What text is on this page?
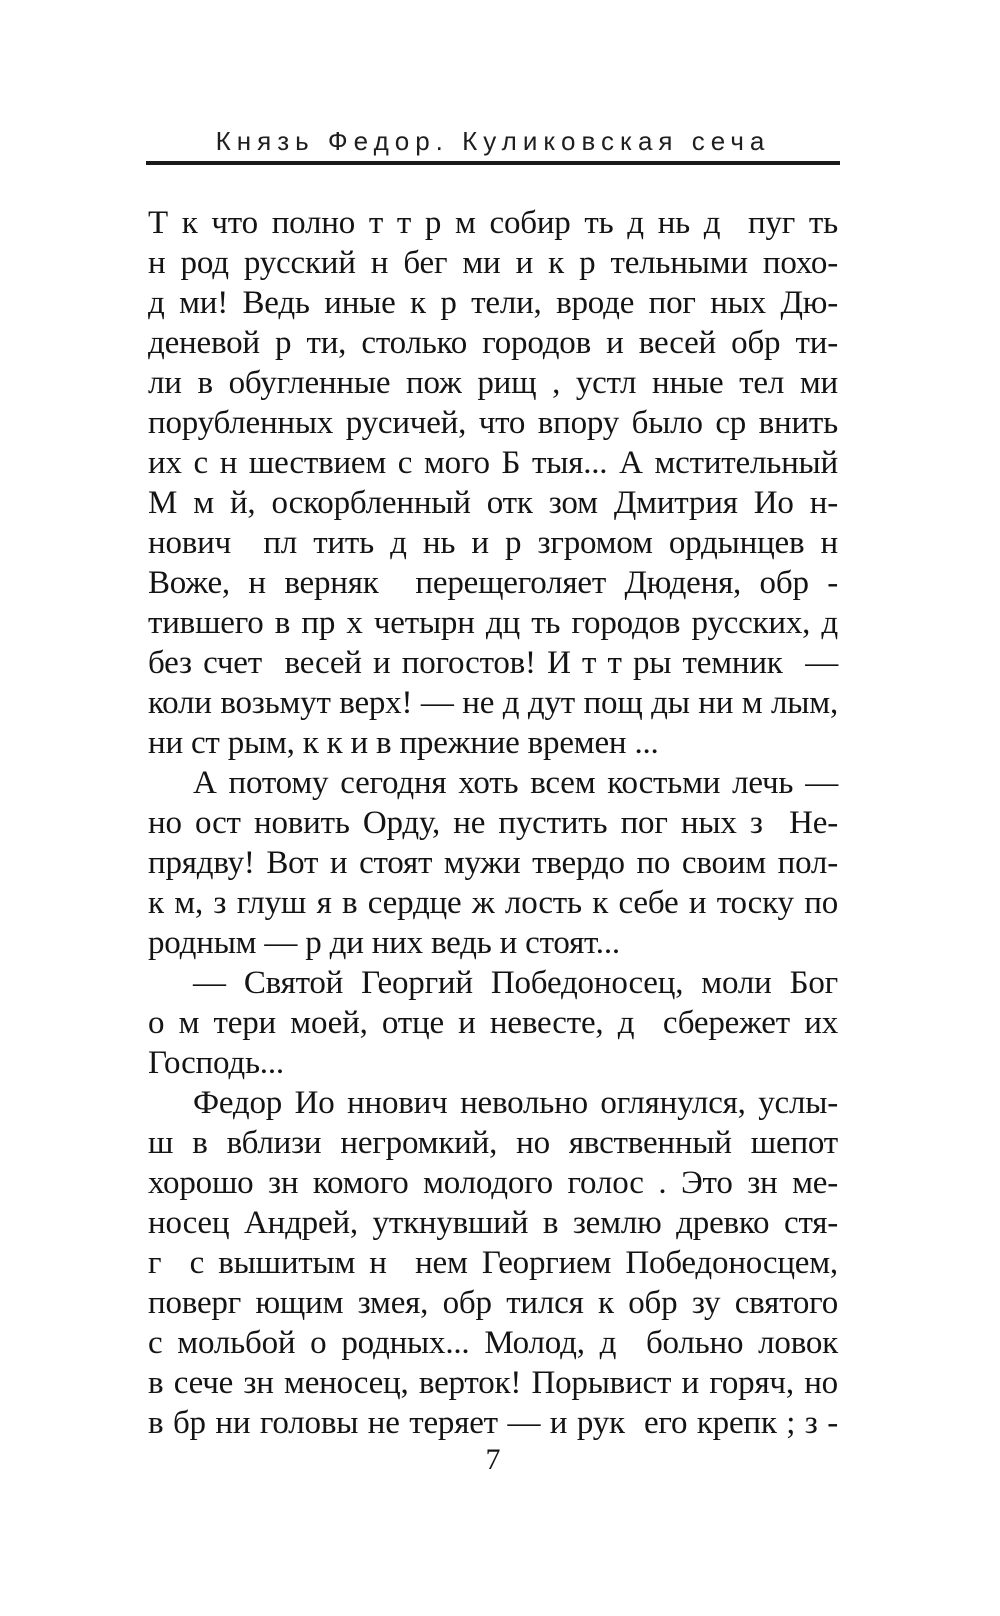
Князь Федор. Куликовская сеча
Т к что полно т т р м собир ть д нь д  пуг ть
н род русский н бег ми и к р тельными похо-
д ми! Ведь иные к р тели, вроде пог ных Дю-
деневой р ти, столько городов и весей обр ти-
ли в обугленные пож рищ , устл нные тел ми
порубленных русичей, что впору было ср внить
их с н шествием с мого Б тыя... А мстительный
М м й, оскорбленный отк зом Дмитрия Ио н-
нович  пл тить д нь и р згромом ордынцев н
Воже, н верняк  перещеголяет Дюденя, обр -
тившего в пр х четырн дц ть городов русских, д
без счет  весей и погостов! И т т ры темник  —
коли возьмут верх! — не д дут пощ ды ни м лым,
ни ст рым, к к и в прежние времен ...
А потому сегодня хоть всем костьми лечь —
но ост новить Орду, не пустить пог ных з  Не-
прядву! Вот и стоят мужи твердо по своим пол-
к м, з глуш я в сердце ж лость к себе и тоску по
родным — р ди них ведь и стоят...
— Святой Георгий Победоносец, моли Бог
о м тери моей, отце и невесте, д  сбережет их
Господь...
Федор Ио ннович невольно оглянулся, услы-
ш в вблизи негромкий, но явственный шепот
хорошо зн комого молодого голос . Это зн ме-
носец Андрей, уткнувший в землю древко стя-
г  с вышитым н  нем Георгием Победоносцем,
поверг ющим змея, обр тился к обр зу святого
с мольбой о родных... Молод, д  больно ловок
в сече зн меносец, верток! Порывист и горяч, но
в бр ни головы не теряет — и рук  его крепк ; з -
7
